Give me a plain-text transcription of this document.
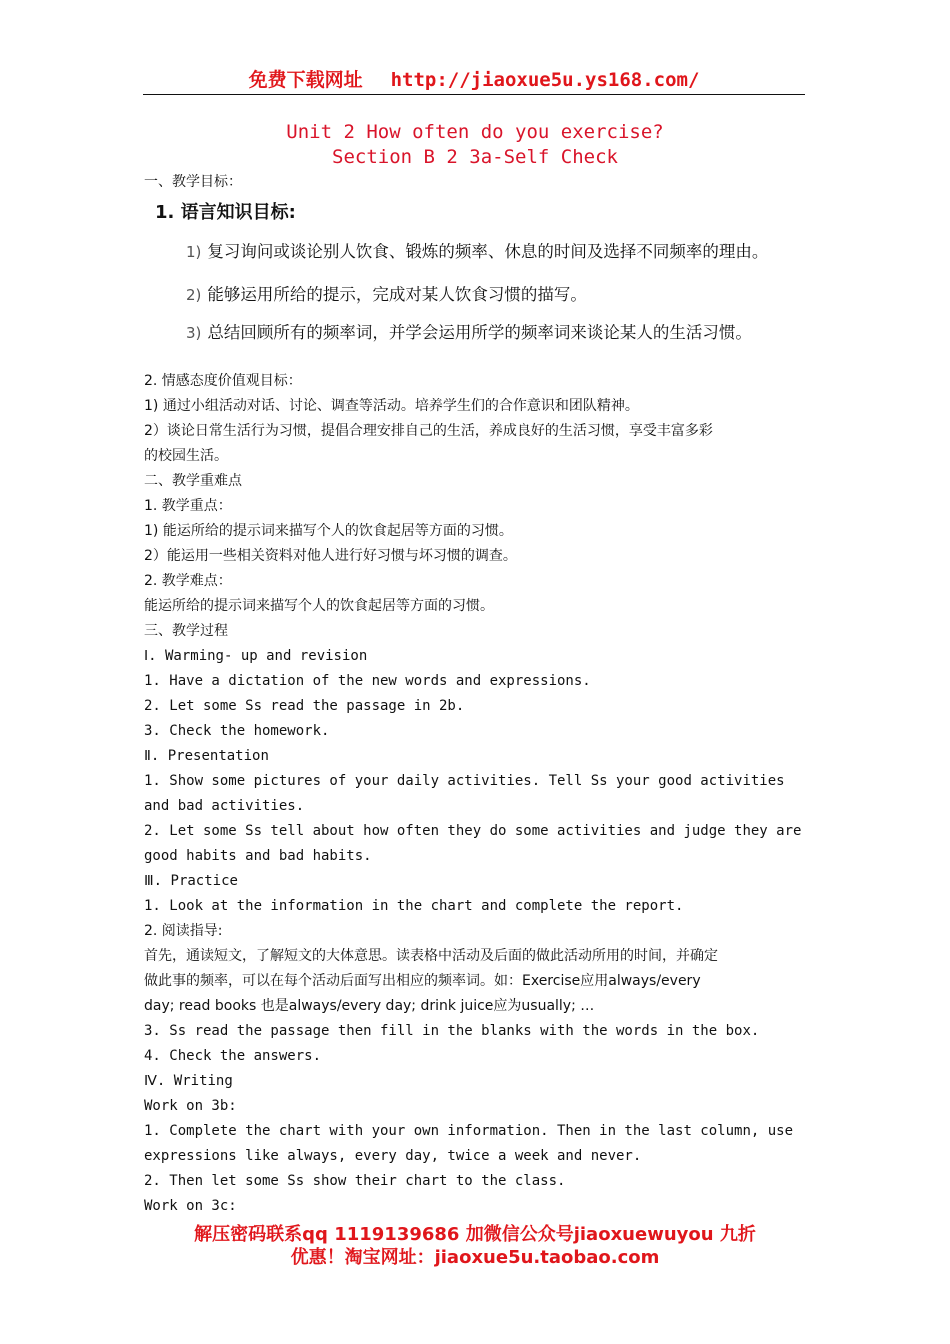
免费下载网址 http://jiaoxue5u.ys168.com/
Unit 2 How often do you exercise?
Section B 2 3a-Self Check
一、教学目标：
1. 语言知识目标:
1) 复习询问或谈论别人饮食、锻炼的频率、休息的时间及选择不同频率的理由。
2) 能够运用所给的提示，完成对某人饮食习惯的描写。
3) 总结回顾所有的频率词，并学会运用所学的频率词来谈论某人的生活习惯。
2. 情感态度价值观目标：
1) 通过小组活动对话、讨论、调查等活动。培养学生们的合作意识和团队精神。
2）谈论日常生活行为习惯，提倡合理安排自己的生活，养成良好的生活习惯，享受丰富多彩
的校园生活。
二、教学重难点
1. 教学重点：
1) 能运所给的提示词来描写个人的饮食起居等方面的习惯。
2）能运用一些相关资料对他人进行好习惯与坏习惯的调查。
2. 教学难点：
能运所给的提示词来描写个人的饮食起居等方面的习惯。
三、教学过程
Ⅰ. Warming- up and revision
1. Have a dictation of the new words and expressions.
2. Let some Ss read the passage in 2b.
3. Check the homework.
Ⅱ. Presentation
1. Show some pictures of your daily activities. Tell Ss your good activities
and bad activities.
2. Let some Ss tell about how often they do some activities and judge they are
good habits and bad habits.
Ⅲ. Practice
1. Look at the information in the chart and complete the report.
2. 阅读指导:
首先，通读短文，了解短文的大体意思。读表格中活动及后面的做此活动所用的时间，并确定
做此事的频率，可以在每个活动后面写出相应的频率词。如：Exercise应用always/every
day; read books 也是always/every day; drink juice应为usually; …
3. Ss read the passage then fill in the blanks with the words in the box.
4. Check the answers.
Ⅳ. Writing
Work on 3b:
1. Complete the chart with your own information. Then in the last column, use
expressions like always, every day, twice a week and never.
2. Then let some Ss show their chart to the class.
Work on 3c:
解压密码联系qq 1119139686 加微信公众号jiaoxuewuyou 九折
优惠！淘宝网址：jiaoxue5u.taobao.com
